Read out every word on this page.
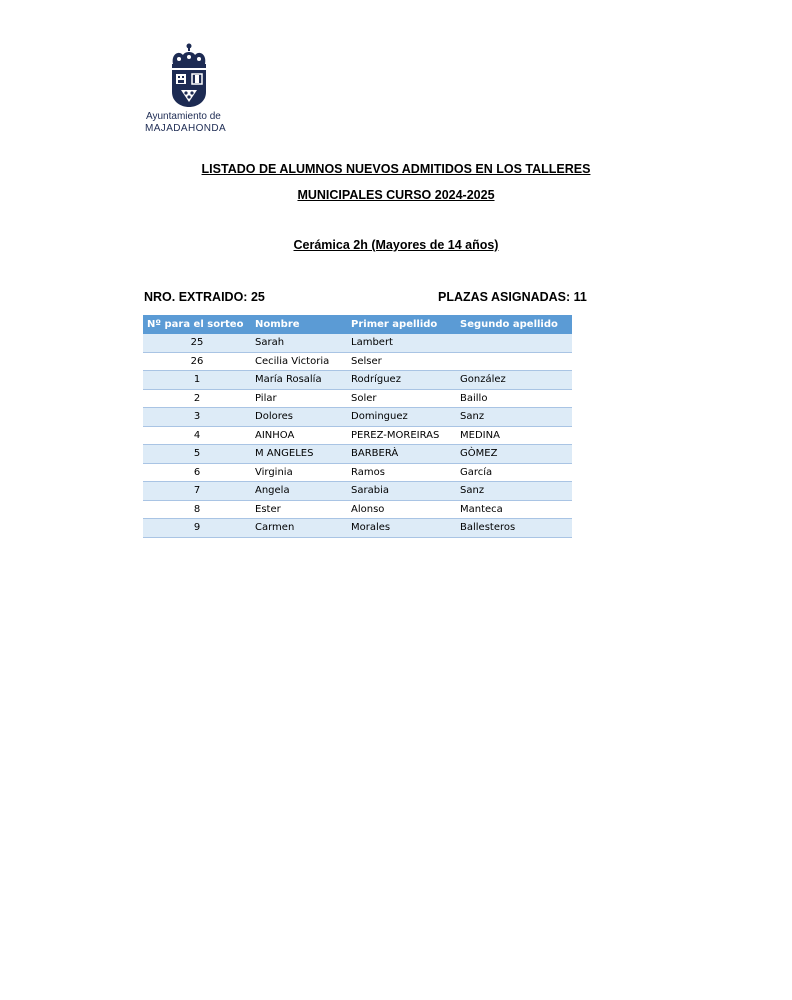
Ayuntamiento de
MAJADAHONDA
LISTADO DE ALUMNOS NUEVOS ADMITIDOS EN LOS TALLERES
MUNICIPALES CURSO 2024-2025
Cerámica 2h (Mayores de 14 años)
NRO. EXTRAIDO: 25	PLAZAS ASIGNADAS: 11
Nº para el sorteo	Nombre	Primer apellido	Segundo apellido
25	Sarah	Lambert	
26	Cecilia Victoria	Selser	
1	María Rosalía	Rodríguez	González
2	Pilar	Soler	Baillo
3	Dolores	Dominguez	Sanz
4	AINHOA	PEREZ-MOREIRAS	MEDINA
5	M ANGELES	BARBERÀ	GÒMEZ
6	Virginia	Ramos	García
7	Angela	Sarabia	Sanz
8	Ester	Alonso	Manteca
9	Carmen	Morales	Ballesteros
